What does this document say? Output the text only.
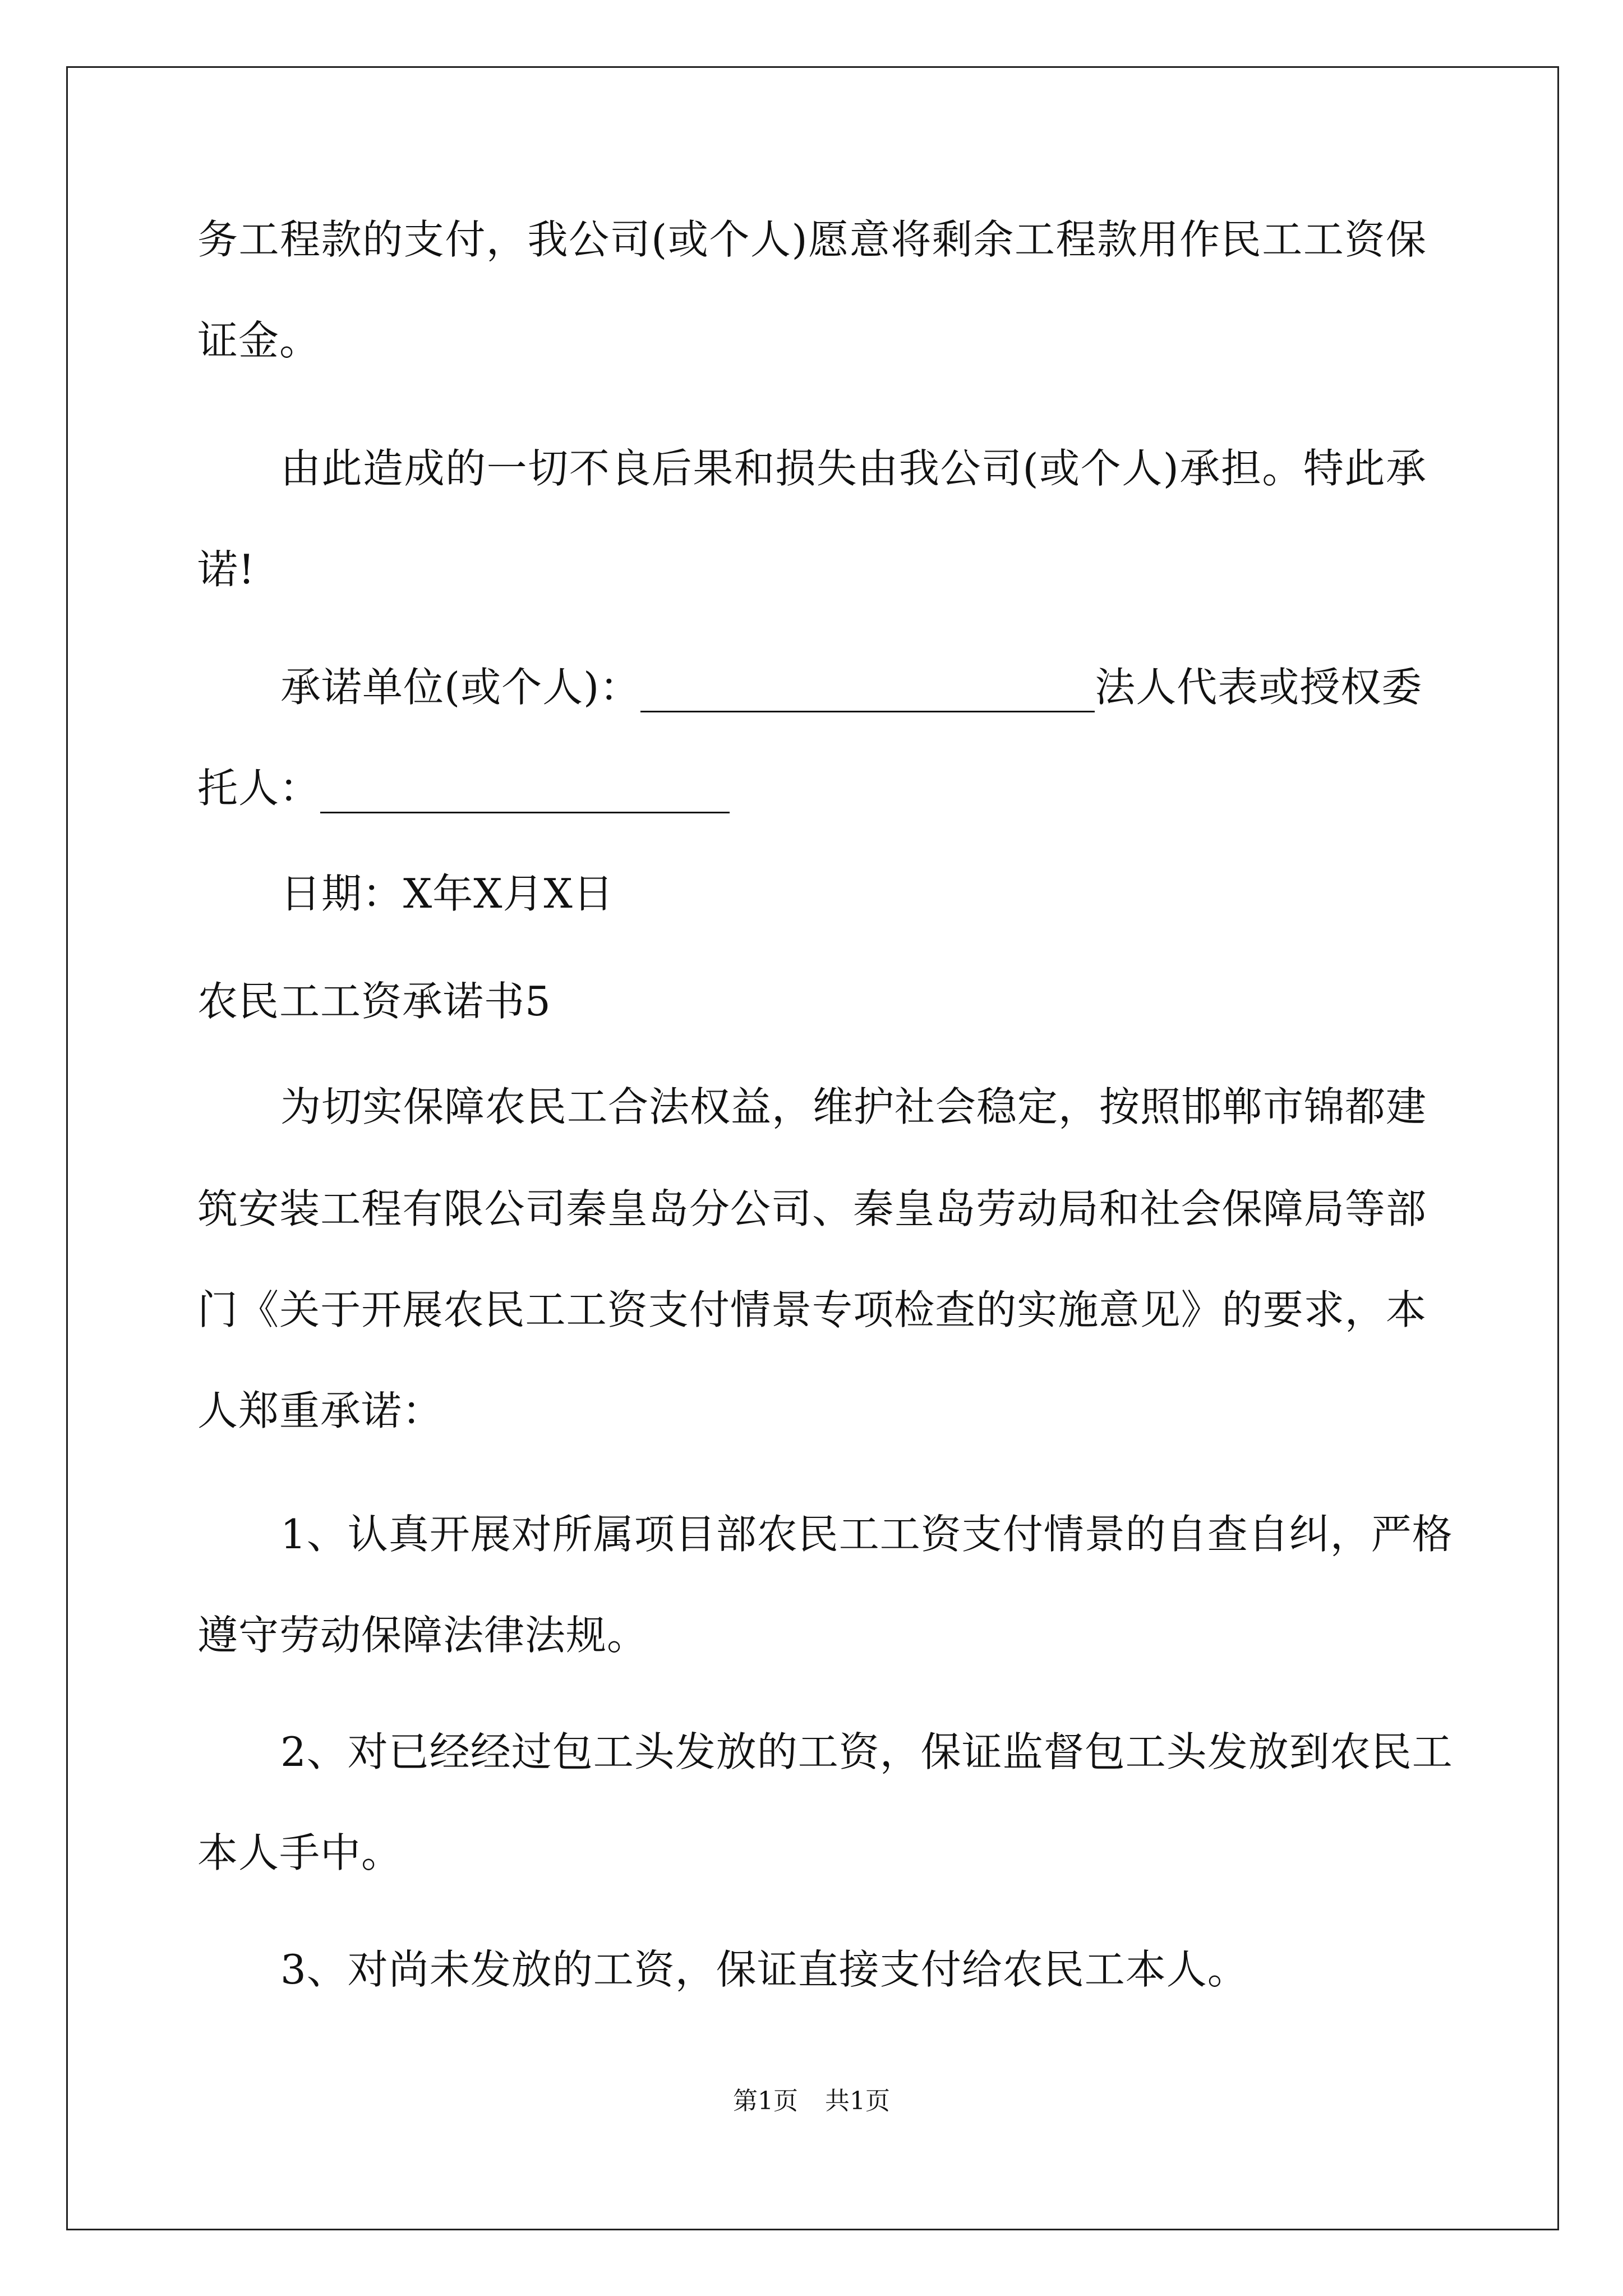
务工程款的支付，我公司(或个人)愿意将剩余工程款用作民工工资保
证金。
由此造成的一切不良后果和损失由我公司(或个人)承担。特此承
诺!
承诺单位(或个人)：	法人代表或授权委
托人：
日期：X年X月X日
农民工工资承诺书5
为切实保障农民工合法权益，维护社会稳定，按照邯郸市锦都建
筑安装工程有限公司秦皇岛分公司、秦皇岛劳动局和社会保障局等部
门《关于开展农民工工资支付情景专项检查的实施意见》的要求，本
人郑重承诺：
1、认真开展对所属项目部农民工工资支付情景的自查自纠，严格
遵守劳动保障法律法规。
2、对已经经过包工头发放的工资，保证监督包工头发放到农民工
本人手中。
3、对尚未发放的工资，保证直接支付给农民工本人。
第1页 共1页
